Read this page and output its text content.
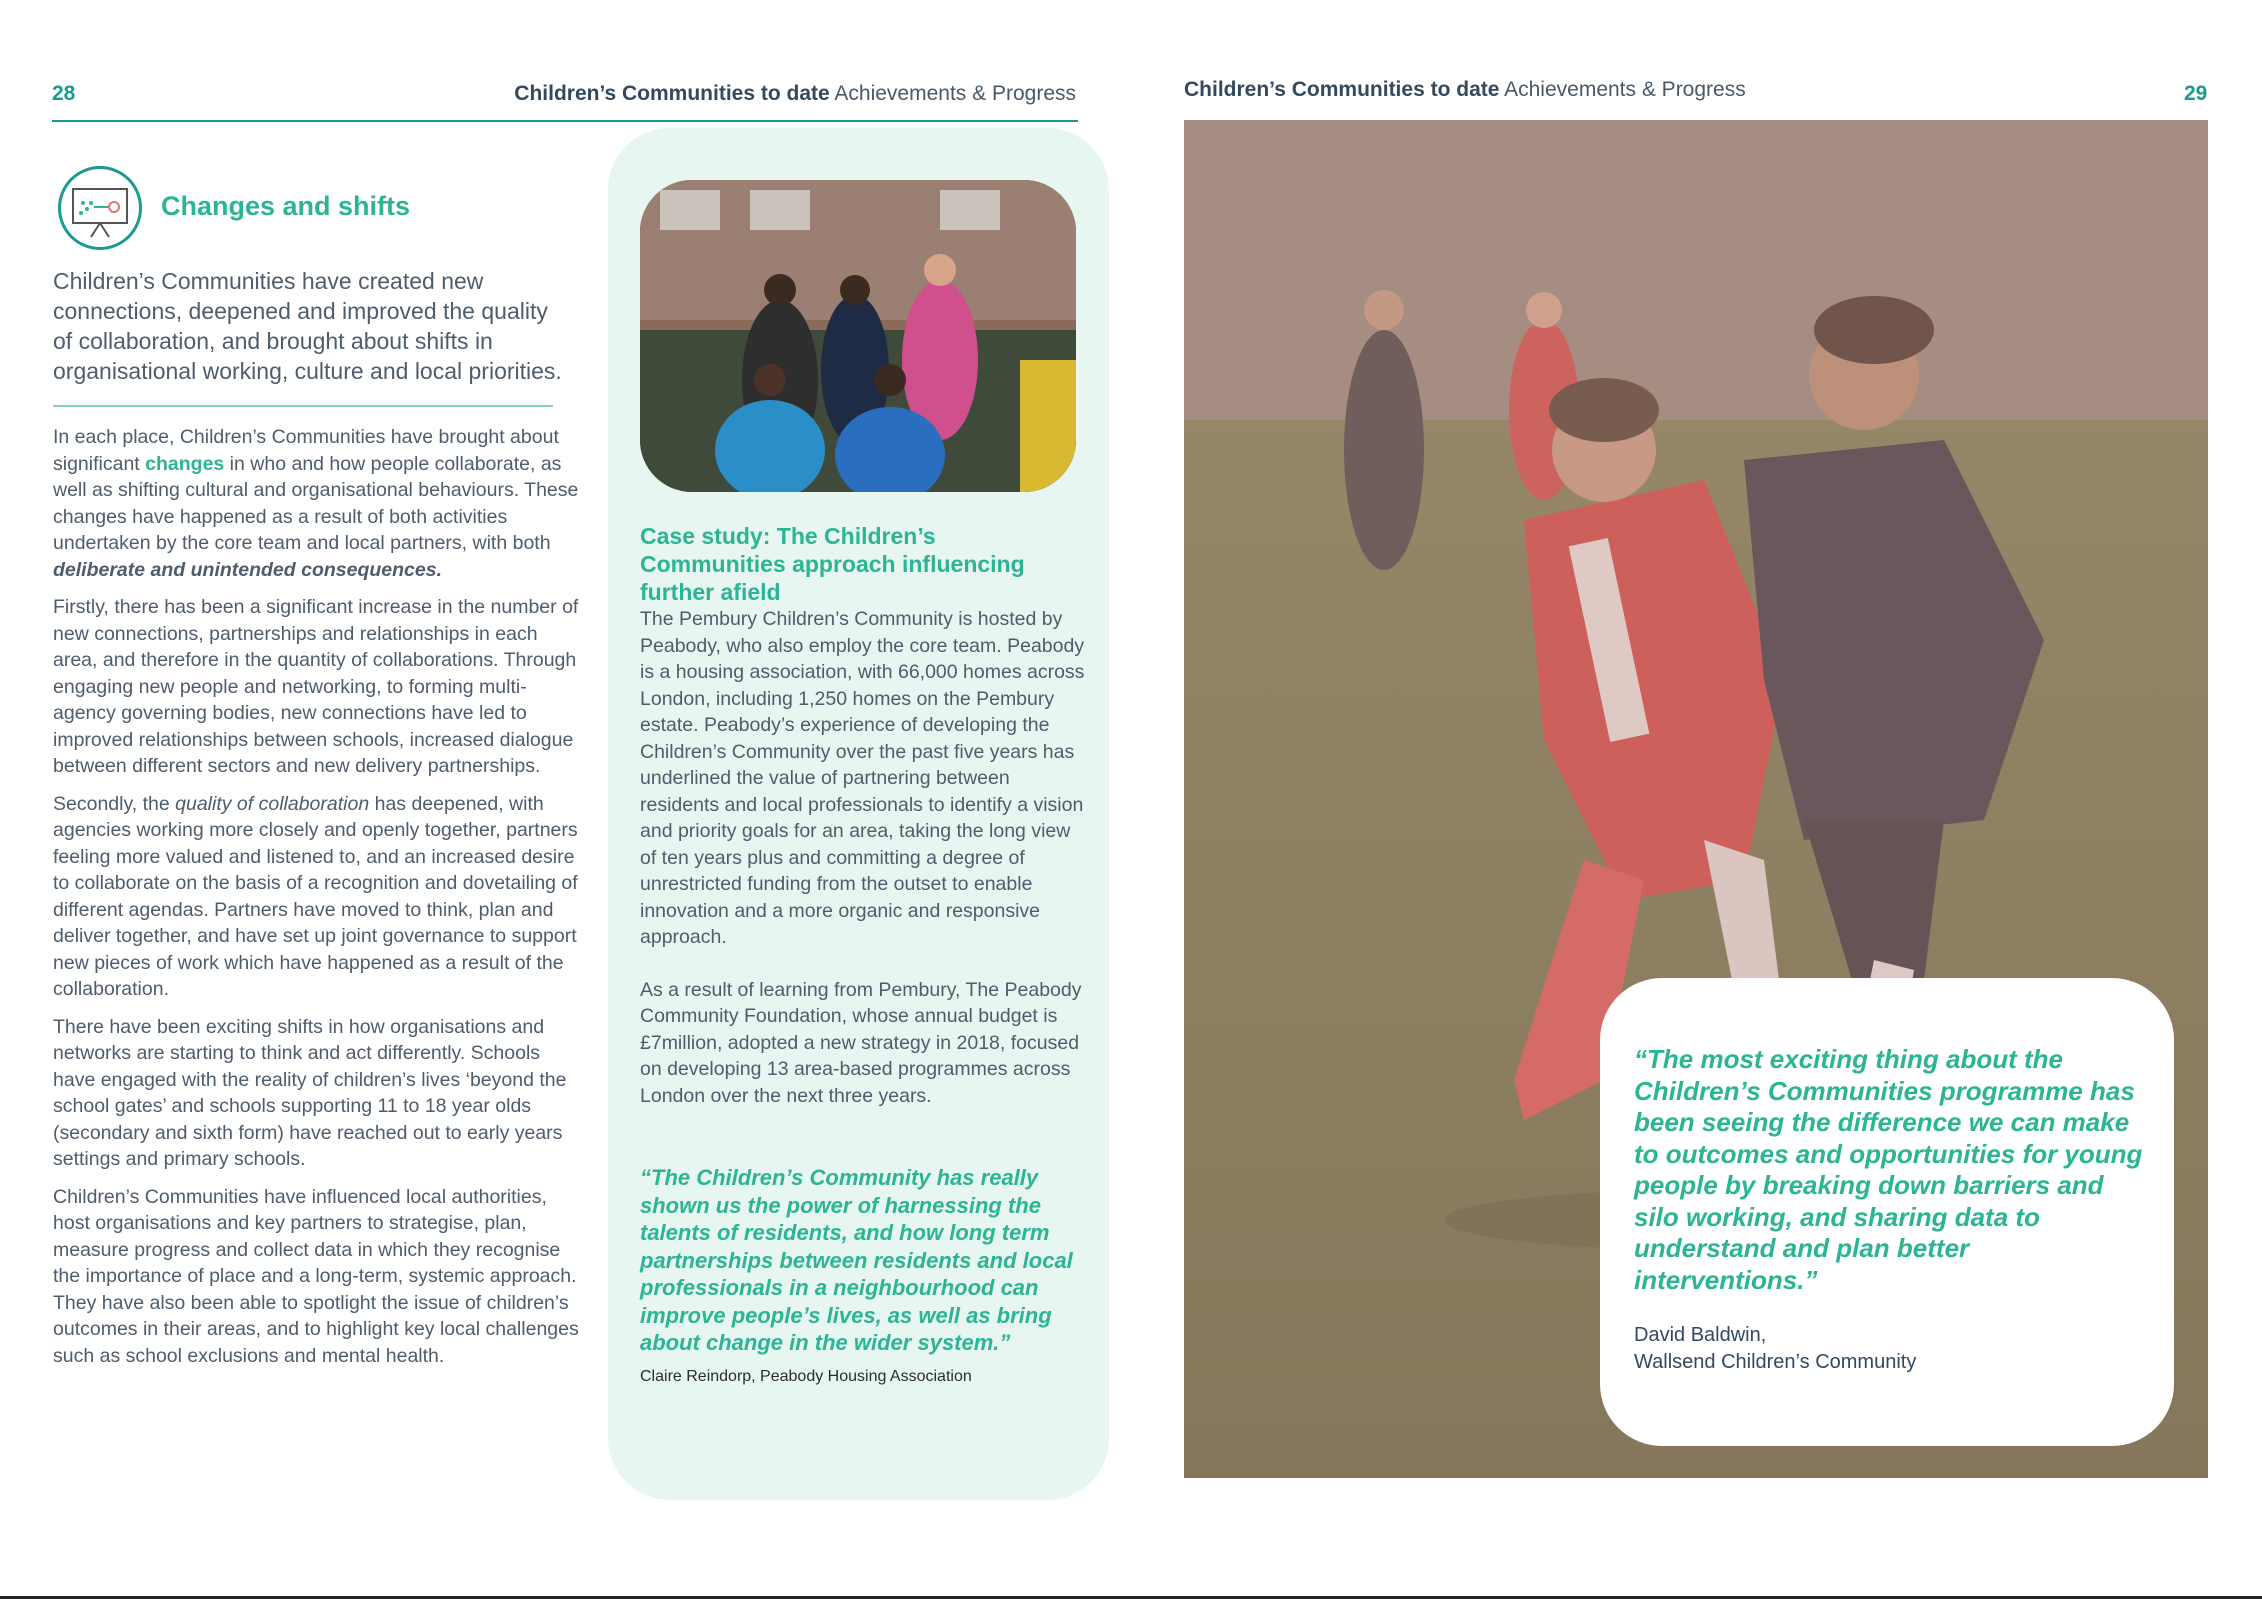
28	Children’s Communities to date Achievements & Progress
Changes and shifts
Children’s Communities have created new connections, deepened and improved the quality of collaboration, and brought about shifts in organisational working, culture and local priorities.

In each place, Children’s Communities have brought about significant changes in who and how people collaborate, as well as shifting cultural and organisational behaviours. These changes have happened as a result of both activities undertaken by the core team and local partners, with both deliberate and unintended consequences.

Firstly, there has been a significant increase in the number of new connections, partnerships and relationships in each area, and therefore in the quantity of collaborations. Through engaging new people and networking, to forming multi-agency governing bodies, new connections have led to improved relationships between schools, increased dialogue between different sectors and new delivery partnerships.

Secondly, the quality of collaboration has deepened, with agencies working more closely and openly together, partners feeling more valued and listened to, and an increased desire to collaborate on the basis of a recognition and dovetailing of different agendas. Partners have moved to think, plan and deliver together, and have set up joint governance to support new pieces of work which have happened as a result of the collaboration.

There have been exciting shifts in how organisations and networks are starting to think and act differently. Schools have engaged with the reality of children’s lives ‘beyond the school gates’ and schools supporting 11 to 18 year olds (secondary and sixth form) have reached out to early years settings and primary schools.

Children’s Communities have influenced local authorities, host organisations and key partners to strategise, plan, measure progress and collect data in which they recognise the importance of place and a long-term, systemic approach. They have also been able to spotlight the issue of children’s outcomes in their areas, and to highlight key local challenges such as school exclusions and mental health.

Case study: The Children’s Communities approach influencing further afield

The Pembury Children’s Community is hosted by Peabody, who also employ the core team. Peabody is a housing association, with 66,000 homes across London, including 1,250 homes on the Pembury estate. Peabody’s experience of developing the Children’s Community over the past five years has underlined the value of partnering between residents and local professionals to identify a vision and priority goals for an area, taking the long view of ten years plus and committing a degree of unrestricted funding from the outset to enable innovation and a more organic and responsive approach.

As a result of learning from Pembury, The Peabody Community Foundation, whose annual budget is £7million, adopted a new strategy in 2018, focused on developing 13 area-based programmes across London over the next three years.

“The Children’s Community has really shown us the power of harnessing the talents of residents, and how long term partnerships between residents and local professionals in a neighbourhood can improve people’s lives, as well as bring about change in the wider system.”
Claire Reindorp, Peabody Housing Association
Children’s Communities to date Achievements & Progress	29
“The most exciting thing about the Children’s Communities programme has been seeing the difference we can make to outcomes and opportunities for young people by breaking down barriers and silo working, and sharing data to understand and plan better interventions.”
David Baldwin,
Wallsend Children’s Community
